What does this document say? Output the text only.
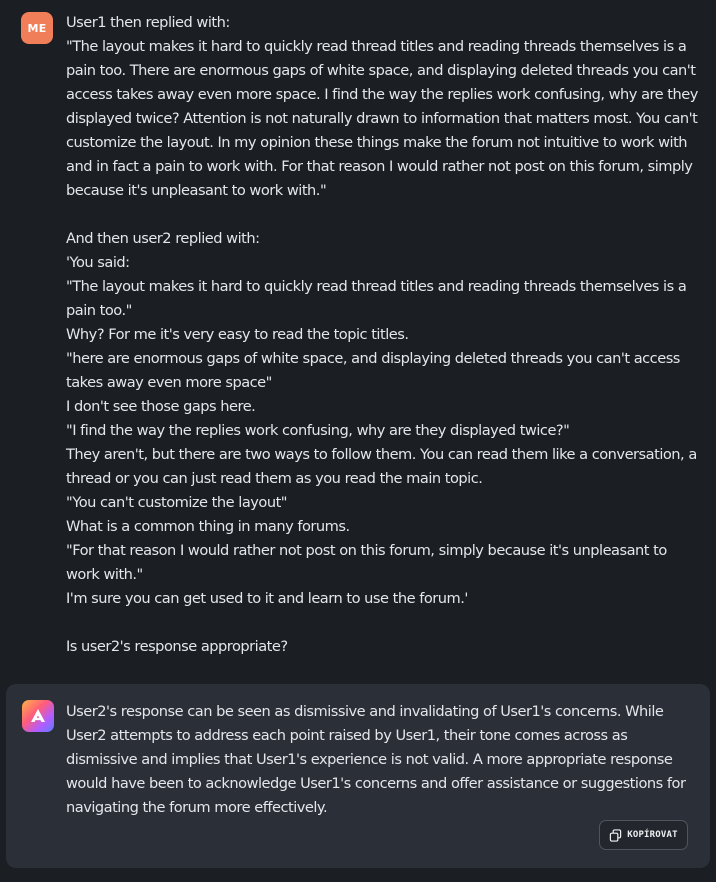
ME	User1 then replied with:
"The layout makes it hard to quickly read thread titles and reading threads themselves is a pain too. There are enormous gaps of white space, and displaying deleted threads you can't access takes away even more space. I find the way the replies work confusing, why are they displayed twice? Attention is not naturally drawn to information that matters most. You can't customize the layout. In my opinion these things make the forum not intuitive to work with and in fact a pain to work with. For that reason I would rather not post on this forum, simply because it's unpleasant to work with."

And then user2 replied with:
'You said:
"The layout makes it hard to quickly read thread titles and reading threads themselves is a pain too."
Why? For me it's very easy to read the topic titles.
"here are enormous gaps of white space, and displaying deleted threads you can't access takes away even more space"
I don't see those gaps here.
"I find the way the replies work confusing, why are they displayed twice?"
They aren't, but there are two ways to follow them. You can read them like a conversation, a thread or you can just read them as you read the main topic.
"You can't customize the layout"
What is a common thing in many forums.
"For that reason I would rather not post on this forum, simply because it's unpleasant to work with."
I'm sure you can get used to it and learn to use the forum.'

Is user2's response appropriate?

User2's response can be seen as dismissive and invalidating of User1's concerns. While User2 attempts to address each point raised by User1, their tone comes across as dismissive and implies that User1's experience is not valid. A more appropriate response would have been to acknowledge User1's concerns and offer assistance or suggestions for navigating the forum more effectively.
KOPÍROVAT
